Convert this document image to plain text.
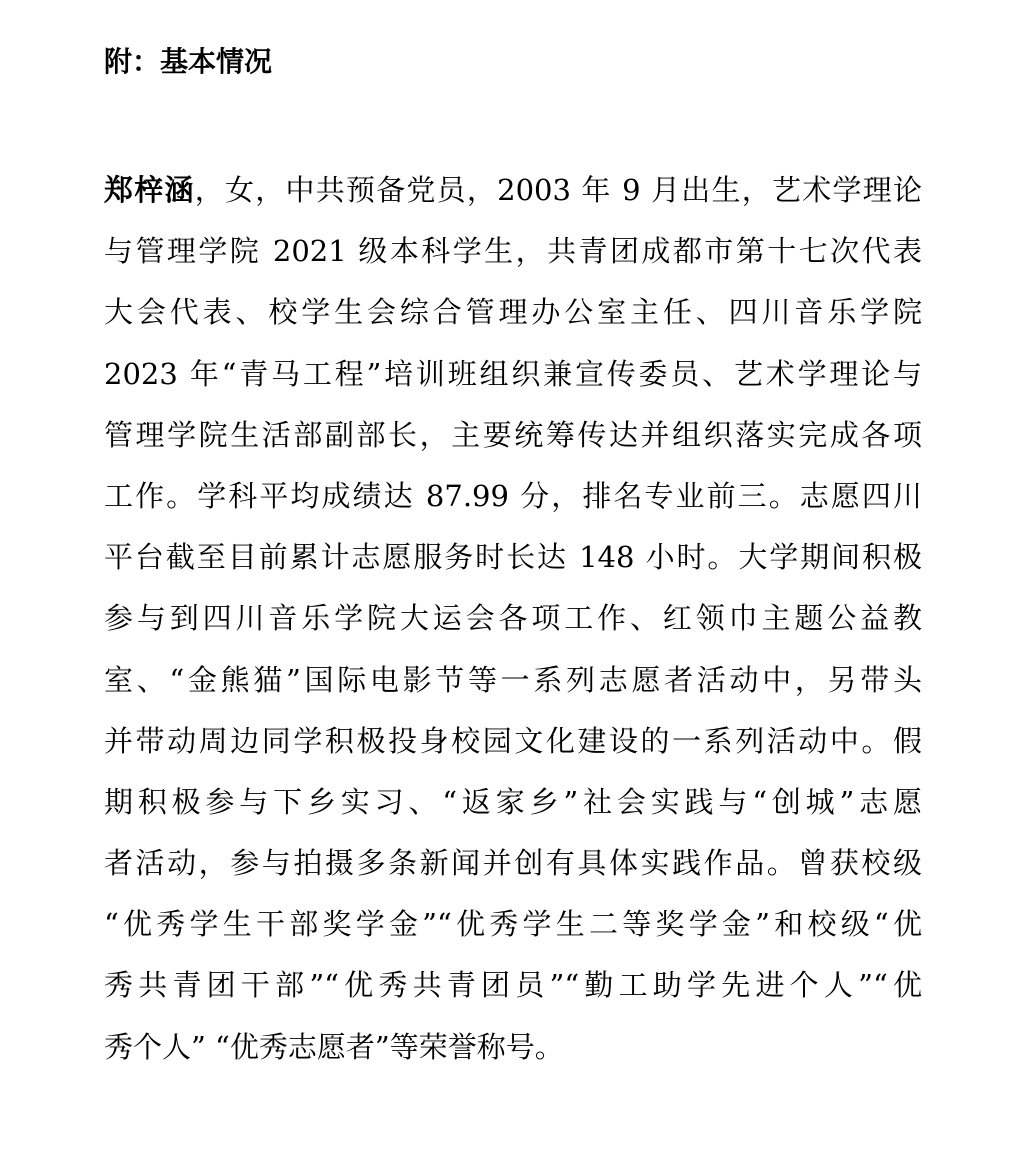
附：基本情况
郑梓涵，女，中共预备党员，2003 年 9 月出生，艺术学理论
与管理学院 2021 级本科学生，共青团成都市第十七次代表
大会代表、校学生会综合管理办公室主任、四川音乐学院
2023 年“青马工程”培训班组织兼宣传委员、艺术学理论与
管理学院生活部副部长，主要统筹传达并组织落实完成各项
工作。学科平均成绩达 87.99 分，排名专业前三。志愿四川
平台截至目前累计志愿服务时长达 148 小时。大学期间积极
参与到四川音乐学院大运会各项工作、红领巾主题公益教
室、“金熊猫”国际电影节等一系列志愿者活动中，另带头
并带动周边同学积极投身校园文化建设的一系列活动中。假
期积极参与下乡实习、“返家乡”社会实践与“创城”志愿
者活动，参与拍摄多条新闻并创有具体实践作品。曾获校级
“优秀学生干部奖学金”“优秀学生二等奖学金”和校级“优
秀共青团干部”“优秀共青团员”“勤工助学先进个人”“优
秀个人” “优秀志愿者”等荣誉称号。
